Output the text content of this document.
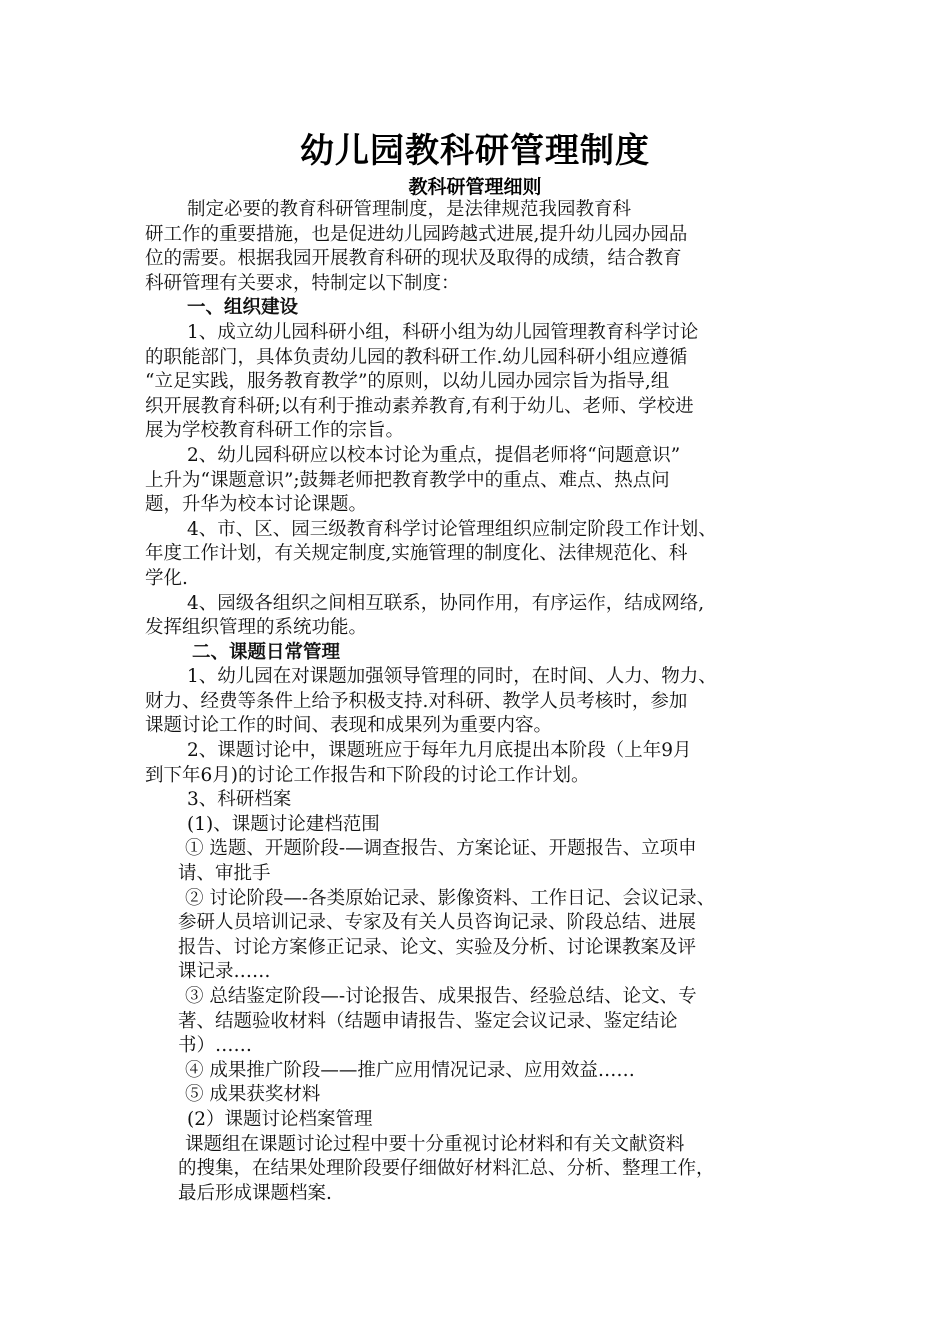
幼儿园教科研管理制度
教科研管理细则

制定必要的教育科研管理制度，是法律规范我园教育科

研工作的重要措施，也是促进幼儿园跨越式进展,提升幼儿园办园品

位的需要。根据我园开展教育科研的现状及取得的成绩，结合教育

科研管理有关要求，特制定以下制度：

一、组织建设

1、成立幼儿园科研小组，科研小组为幼儿园管理教育科学讨论

的职能部门，具体负责幼儿园的教科研工作.幼儿园科研小组应遵循

“立足实践，服务教育教学”的原则，以幼儿园办园宗旨为指导,组

织开展教育科研;以有利于推动素养教育,有利于幼儿、老师、学校进

展为学校教育科研工作的宗旨。

2、幼儿园科研应以校本讨论为重点，提倡老师将“问题意识”

上升为“课题意识”;鼓舞老师把教育教学中的重点、难点、热点问

题，升华为校本讨论课题。

4、市、区、园三级教育科学讨论管理组织应制定阶段工作计划、

年度工作计划，有关规定制度,实施管理的制度化、法律规范化、科

学化.

4、园级各组织之间相互联系，协同作用，有序运作，结成网络,

发挥组织管理的系统功能。

二、课题日常管理

1、幼儿园在对课题加强领导管理的同时，在时间、人力、物力、

财力、经费等条件上给予积极支持.对科研、教学人员考核时，参加

课题讨论工作的时间、表现和成果列为重要内容。

2、课题讨论中，课题班应于每年九月底提出本阶段（上年9月

到下年6月)的讨论工作报告和下阶段的讨论工作计划。

3、科研档案

(1)、课题讨论建档范围

① 选题、开题阶段-—调查报告、方案论证、开题报告、立项申

请、审批手

② 讨论阶段—-各类原始记录、影像资料、工作日记、会议记录、

参研人员培训记录、专家及有关人员咨询记录、阶段总结、进展

报告、讨论方案修正记录、论文、实验及分析、讨论课教案及评

课记录……

③ 总结鉴定阶段—-讨论报告、成果报告、经验总结、论文、专

著、结题验收材料（结题申请报告、鉴定会议记录、鉴定结论

书）……

④ 成果推广阶段——推广应用情况记录、应用效益……

⑤ 成果获奖材料

(2）课题讨论档案管理

课题组在课题讨论过程中要十分重视讨论材料和有关文献资料

的搜集，在结果处理阶段要仔细做好材料汇总、分析、整理工作，

最后形成课题档案.
